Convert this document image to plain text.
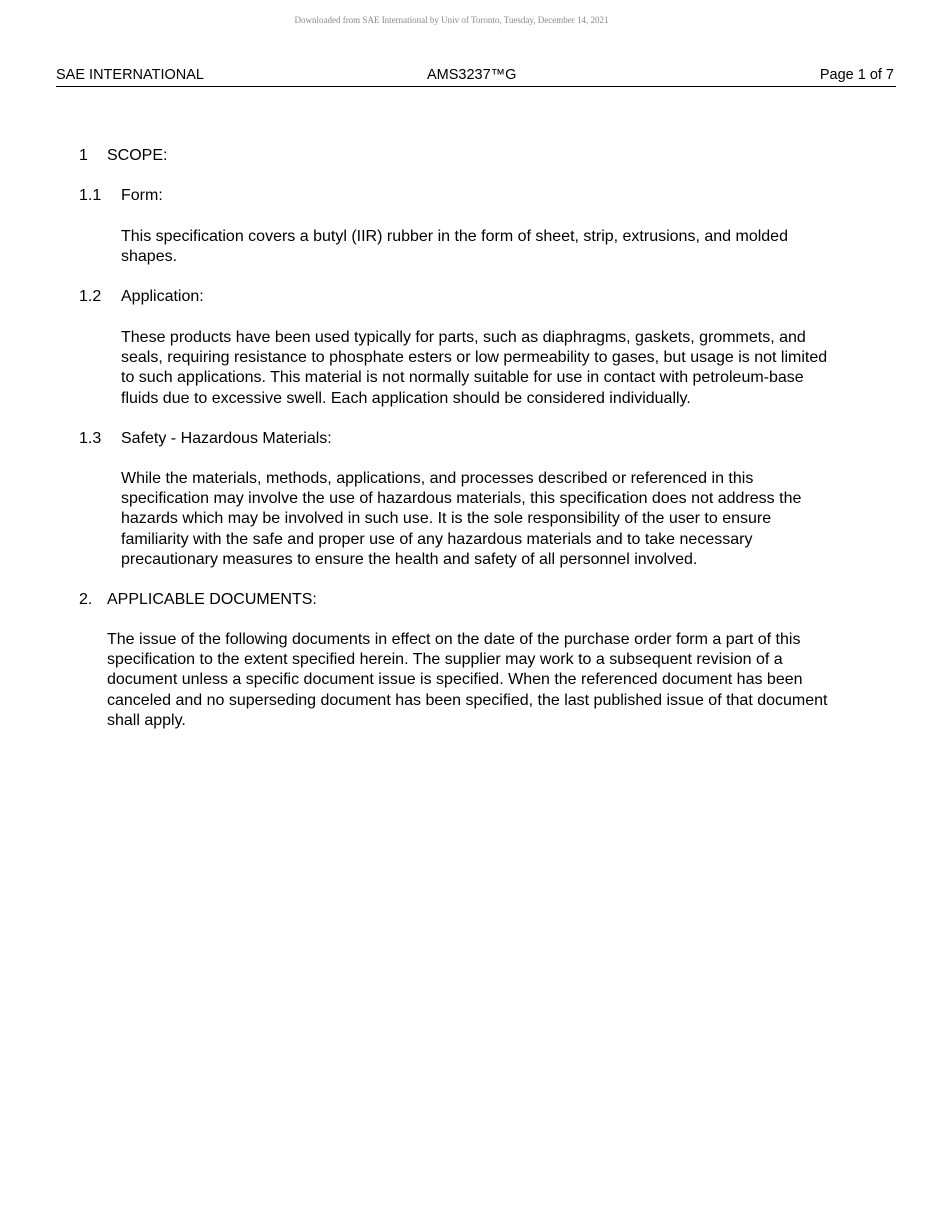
Downloaded from SAE International by Univ of Toronto, Tuesday, December 14, 2021
SAE INTERNATIONAL	AMS3237™G	Page 1 of 7
1 SCOPE:
1.1 Form:
This specification covers a butyl (IIR) rubber in the form of sheet, strip, extrusions, and molded
shapes.
1.2 Application:
These products have been used typically for parts, such as diaphragms, gaskets, grommets, and
seals, requiring resistance to phosphate esters or low permeability to gases, but usage is not limited
to such applications. This material is not normally suitable for use in contact with petroleum-base
fluids due to excessive swell. Each application should be considered individually.
1.3 Safety - Hazardous Materials:
While the materials, methods, applications, and processes described or referenced in this
specification may involve the use of hazardous materials, this specification does not address the
hazards which may be involved in such use. It is the sole responsibility of the user to ensure
familiarity with the safe and proper use of any hazardous materials and to take necessary
precautionary measures to ensure the health and safety of all personnel involved.
2. APPLICABLE DOCUMENTS:
The issue of the following documents in effect on the date of the purchase order form a part of this
specification to the extent specified herein. The supplier may work to a subsequent revision of a
document unless a specific document issue is specified. When the referenced document has been
canceled and no superseding document has been specified, the last published issue of that document
shall apply.
